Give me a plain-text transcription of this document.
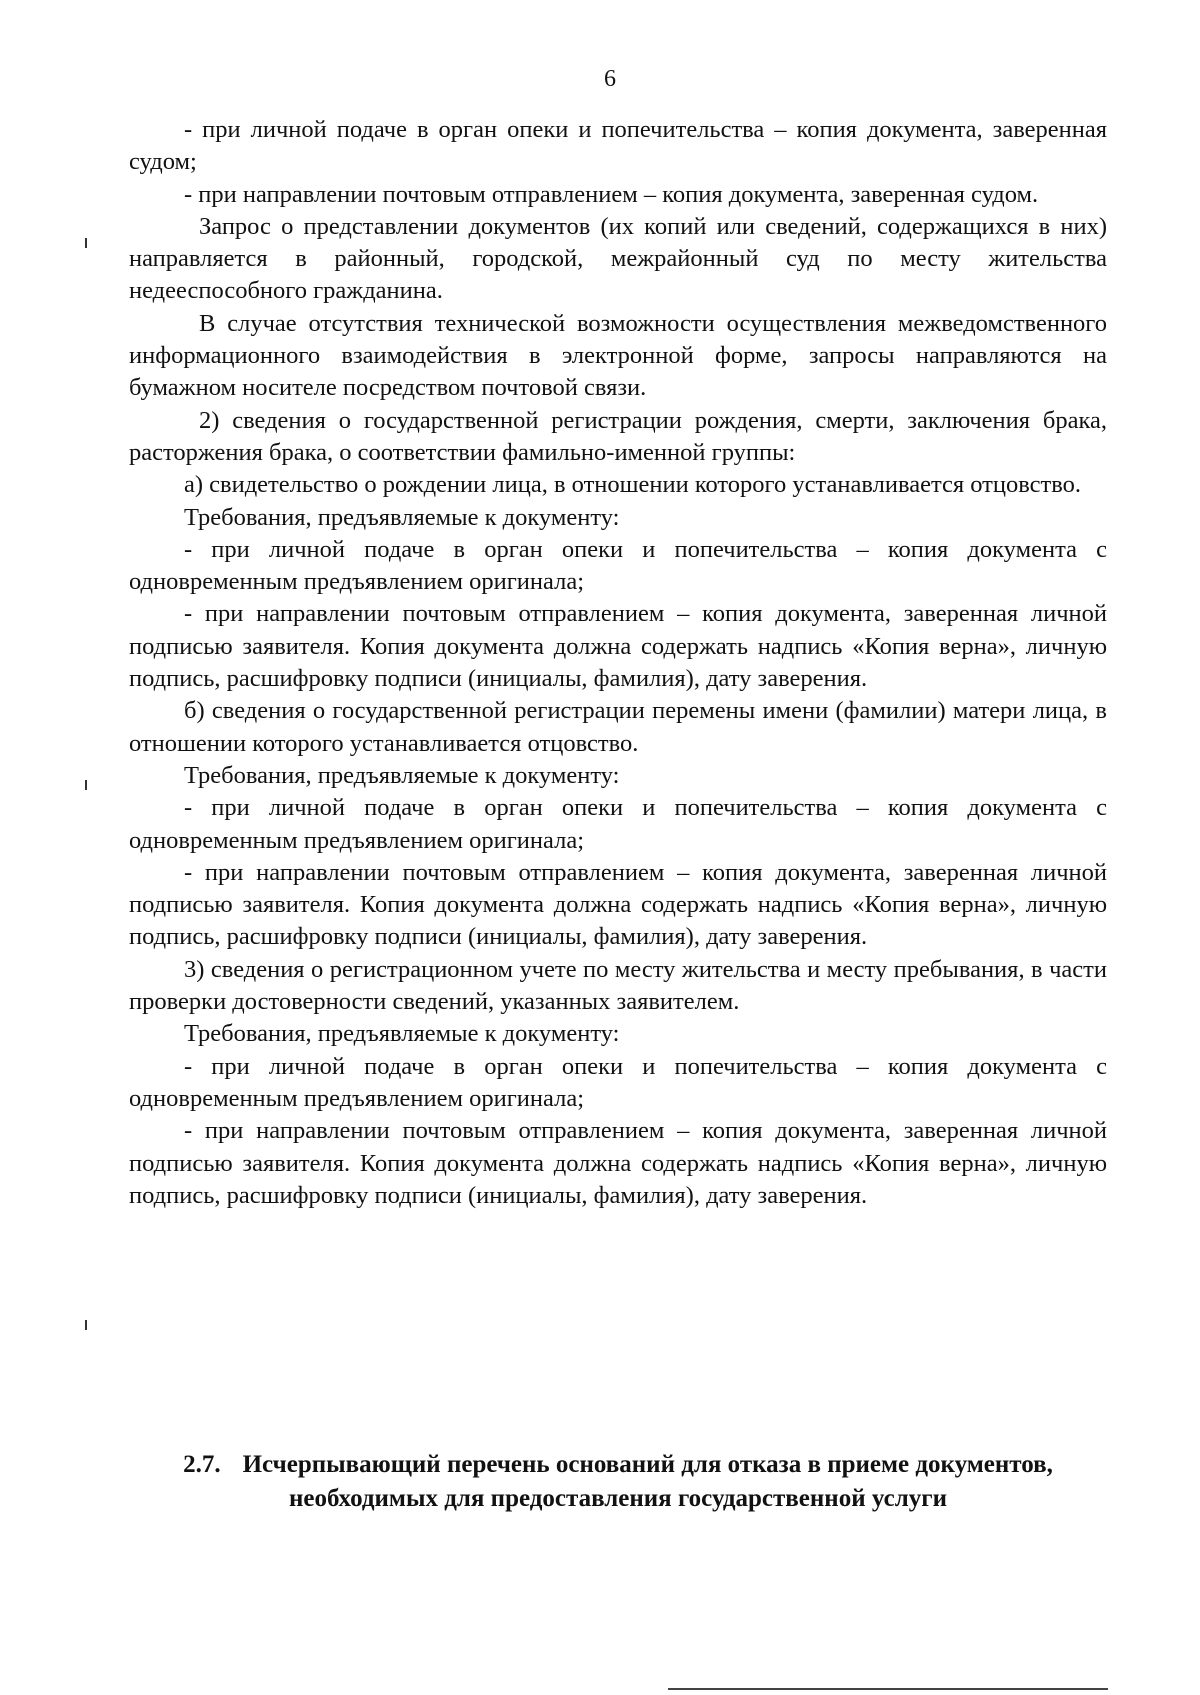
6

- при личной подаче в орган опеки и попечительства – копия документа, заверенная судом;

- при направлении почтовым отправлением – копия документа, заверенная судом.

Запрос о представлении документов (их копий или сведений, содержащихся в них) направляется в районный, городской, межрайонный суд по месту жительства недееспособного гражданина.

В случае отсутствия технической возможности осуществления межведомственного информационного взаимодействия в электронной форме, запросы направляются на бумажном носителе посредством почтовой связи.

2) сведения о государственной регистрации рождения, смерти, заключения брака, расторжения брака, о соответствии фамильно-именной группы:

а) свидетельство о рождении лица, в отношении которого устанавливается отцовство.

Требования, предъявляемые к документу:

- при личной подаче в орган опеки и попечительства – копия документа с одновременным предъявлением оригинала;

- при направлении почтовым отправлением – копия документа, заверенная личной подписью заявителя. Копия документа должна содержать надпись «Копия верна», личную подпись, расшифровку подписи (инициалы, фамилия), дату заверения.

б) сведения о государственной регистрации перемены имени (фамилии) матери лица, в отношении которого устанавливается отцовство.

Требования, предъявляемые к документу:

- при личной подаче в орган опеки и попечительства – копия документа с одновременным предъявлением оригинала;

- при направлении почтовым отправлением – копия документа, заверенная личной подписью заявителя. Копия документа должна содержать надпись «Копия верна», личную подпись, расшифровку подписи (инициалы, фамилия), дату заверения.

3) сведения о регистрационном учете по месту жительства и месту пребывания, в части проверки достоверности сведений, указанных заявителем.

Требования, предъявляемые к документу:

- при личной подаче в орган опеки и попечительства – копия документа с одновременным предъявлением оригинала;

- при направлении почтовым отправлением – копия документа, заверенная личной подписью заявителя. Копия документа должна содержать надпись «Копия верна», личную подпись, расшифровку подписи (инициалы, фамилия), дату заверения.

2.7. Исчерпывающий перечень оснований для отказа в приеме документов, необходимых для предоставления государственной услуги
